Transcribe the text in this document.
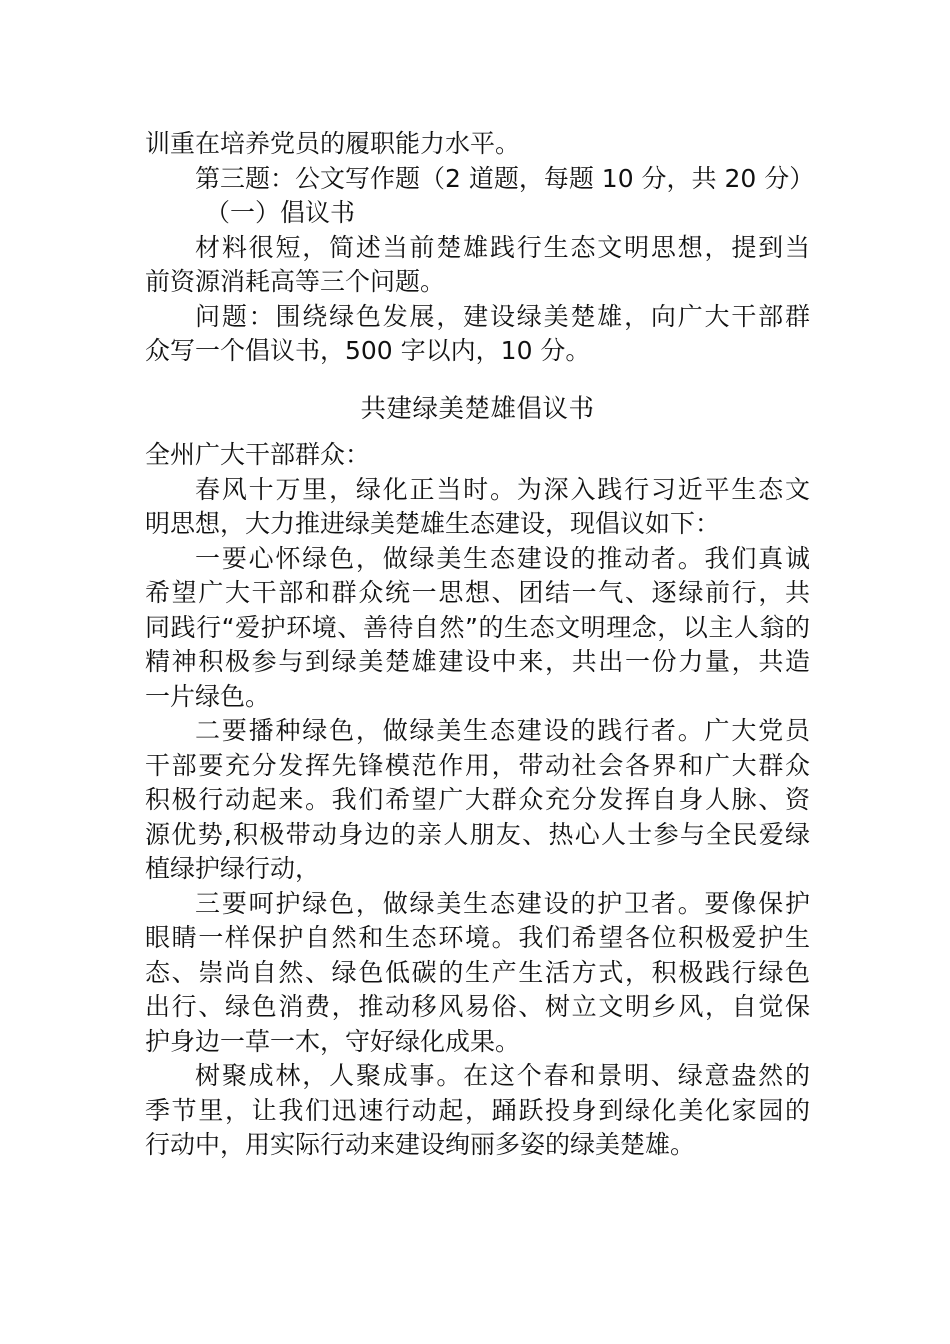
训重在培养党员的履职能力水平。
第三题：公文写作题（2 道题，每题 10 分，共 20 分）
（一）倡议书
材料很短，简述当前楚雄践行生态文明思想，提到当
前资源消耗高等三个问题。
问题：围绕绿色发展，建设绿美楚雄，向广大干部群
众写一个倡议书，500 字以内，10 分。
共建绿美楚雄倡议书
全州广大干部群众：
春风十万里，绿化正当时。为深入践行习近平生态文
明思想，大力推进绿美楚雄生态建设，现倡议如下：
一要心怀绿色，做绿美生态建设的推动者。我们真诚
希望广大干部和群众统一思想、团结一气、逐绿前行，共
同践行“爱护环境、善待自然”的生态文明理念，以主人翁的
精神积极参与到绿美楚雄建设中来，共出一份力量，共造
一片绿色。
二要播种绿色，做绿美生态建设的践行者。广大党员
干部要充分发挥先锋模范作用，带动社会各界和广大群众
积极行动起来。我们希望广大群众充分发挥自身人脉、资
源优势,积极带动身边的亲人朋友、热心人士参与全民爱绿
植绿护绿行动，
三要呵护绿色，做绿美生态建设的护卫者。要像保护
眼睛一样保护自然和生态环境。我们希望各位积极爱护生
态、崇尚自然、绿色低碳的生产生活方式，积极践行绿色
出行、绿色消费，推动移风易俗、树立文明乡风，自觉保
护身边一草一木，守好绿化成果。
树聚成林，人聚成事。在这个春和景明、绿意盎然的
季节里，让我们迅速行动起，踊跃投身到绿化美化家园的
行动中，用实际行动来建设绚丽多姿的绿美楚雄。
